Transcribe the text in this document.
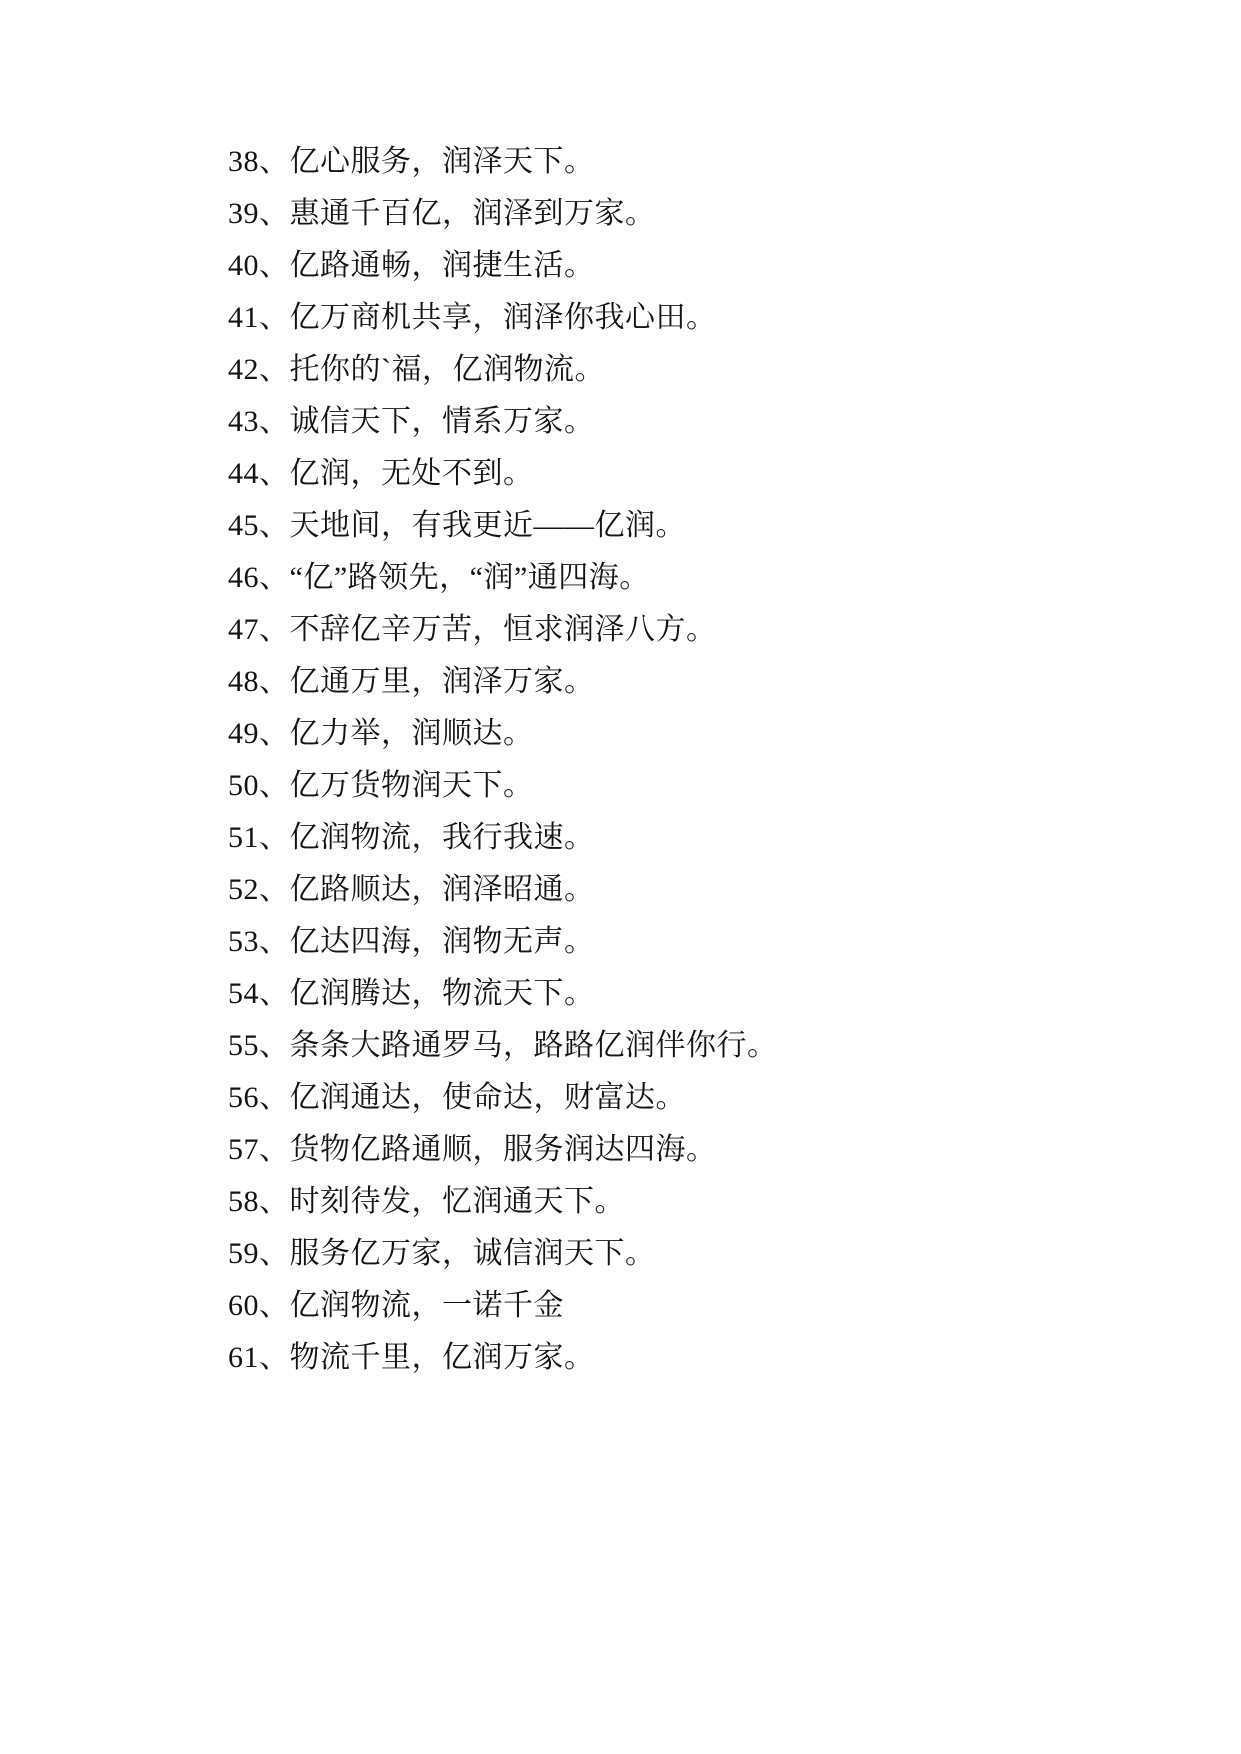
38、亿心服务，润泽天下。
39、惠通千百亿，润泽到万家。
40、亿路通畅，润捷生活。
41、亿万商机共享，润泽你我心田。
42、托你的`福，亿润物流。
43、诚信天下，情系万家。
44、亿润，无处不到。
45、天地间，有我更近——亿润。
46、“亿”路领先，“润”通四海。
47、不辞亿辛万苦，恒求润泽八方。
48、亿通万里，润泽万家。
49、亿力举，润顺达。
50、亿万货物润天下。
51、亿润物流，我行我速。
52、亿路顺达，润泽昭通。
53、亿达四海，润物无声。
54、亿润腾达，物流天下。
55、条条大路通罗马，路路亿润伴你行。
56、亿润通达，使命达，财富达。
57、货物亿路通顺，服务润达四海。
58、时刻待发，忆润通天下。
59、服务亿万家，诚信润天下。
60、亿润物流，一诺千金
61、物流千里，亿润万家。
